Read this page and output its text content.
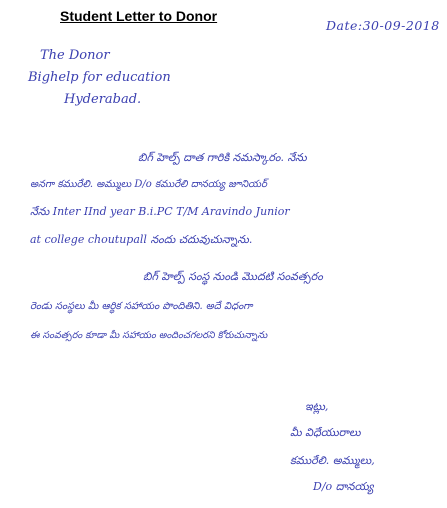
Student Letter to Donor
Date:30-09-2018
The Donor
Bighelp for education
Hyderabad.
బిగ్ హెల్ప్ దాత గారికి నమస్కారం. నేను
అనగా కమురేలి. అమ్ములు D/o కమురేలి దానయ్య జూనియర్
నేను Inter IInd year B.i.PC T/M Aravindo Junior
at college choutupall నందు చదువుచున్నాను.
బిగ్ హెల్ప్ సంస్థ నుండి మొదటి సంవత్సరం
రెండు సంస్థలు మీ ఆర్థిక సహాయం పొందితిని. అదే విధంగా
ఈ సంవత్సరం కూడా మీ సహాయం అందించగలరని కోరుచున్నాను
ఇట్లు,
మీ విధేయురాలు
కమురేలి. అమ్ములు,
D/o దానయ్య
